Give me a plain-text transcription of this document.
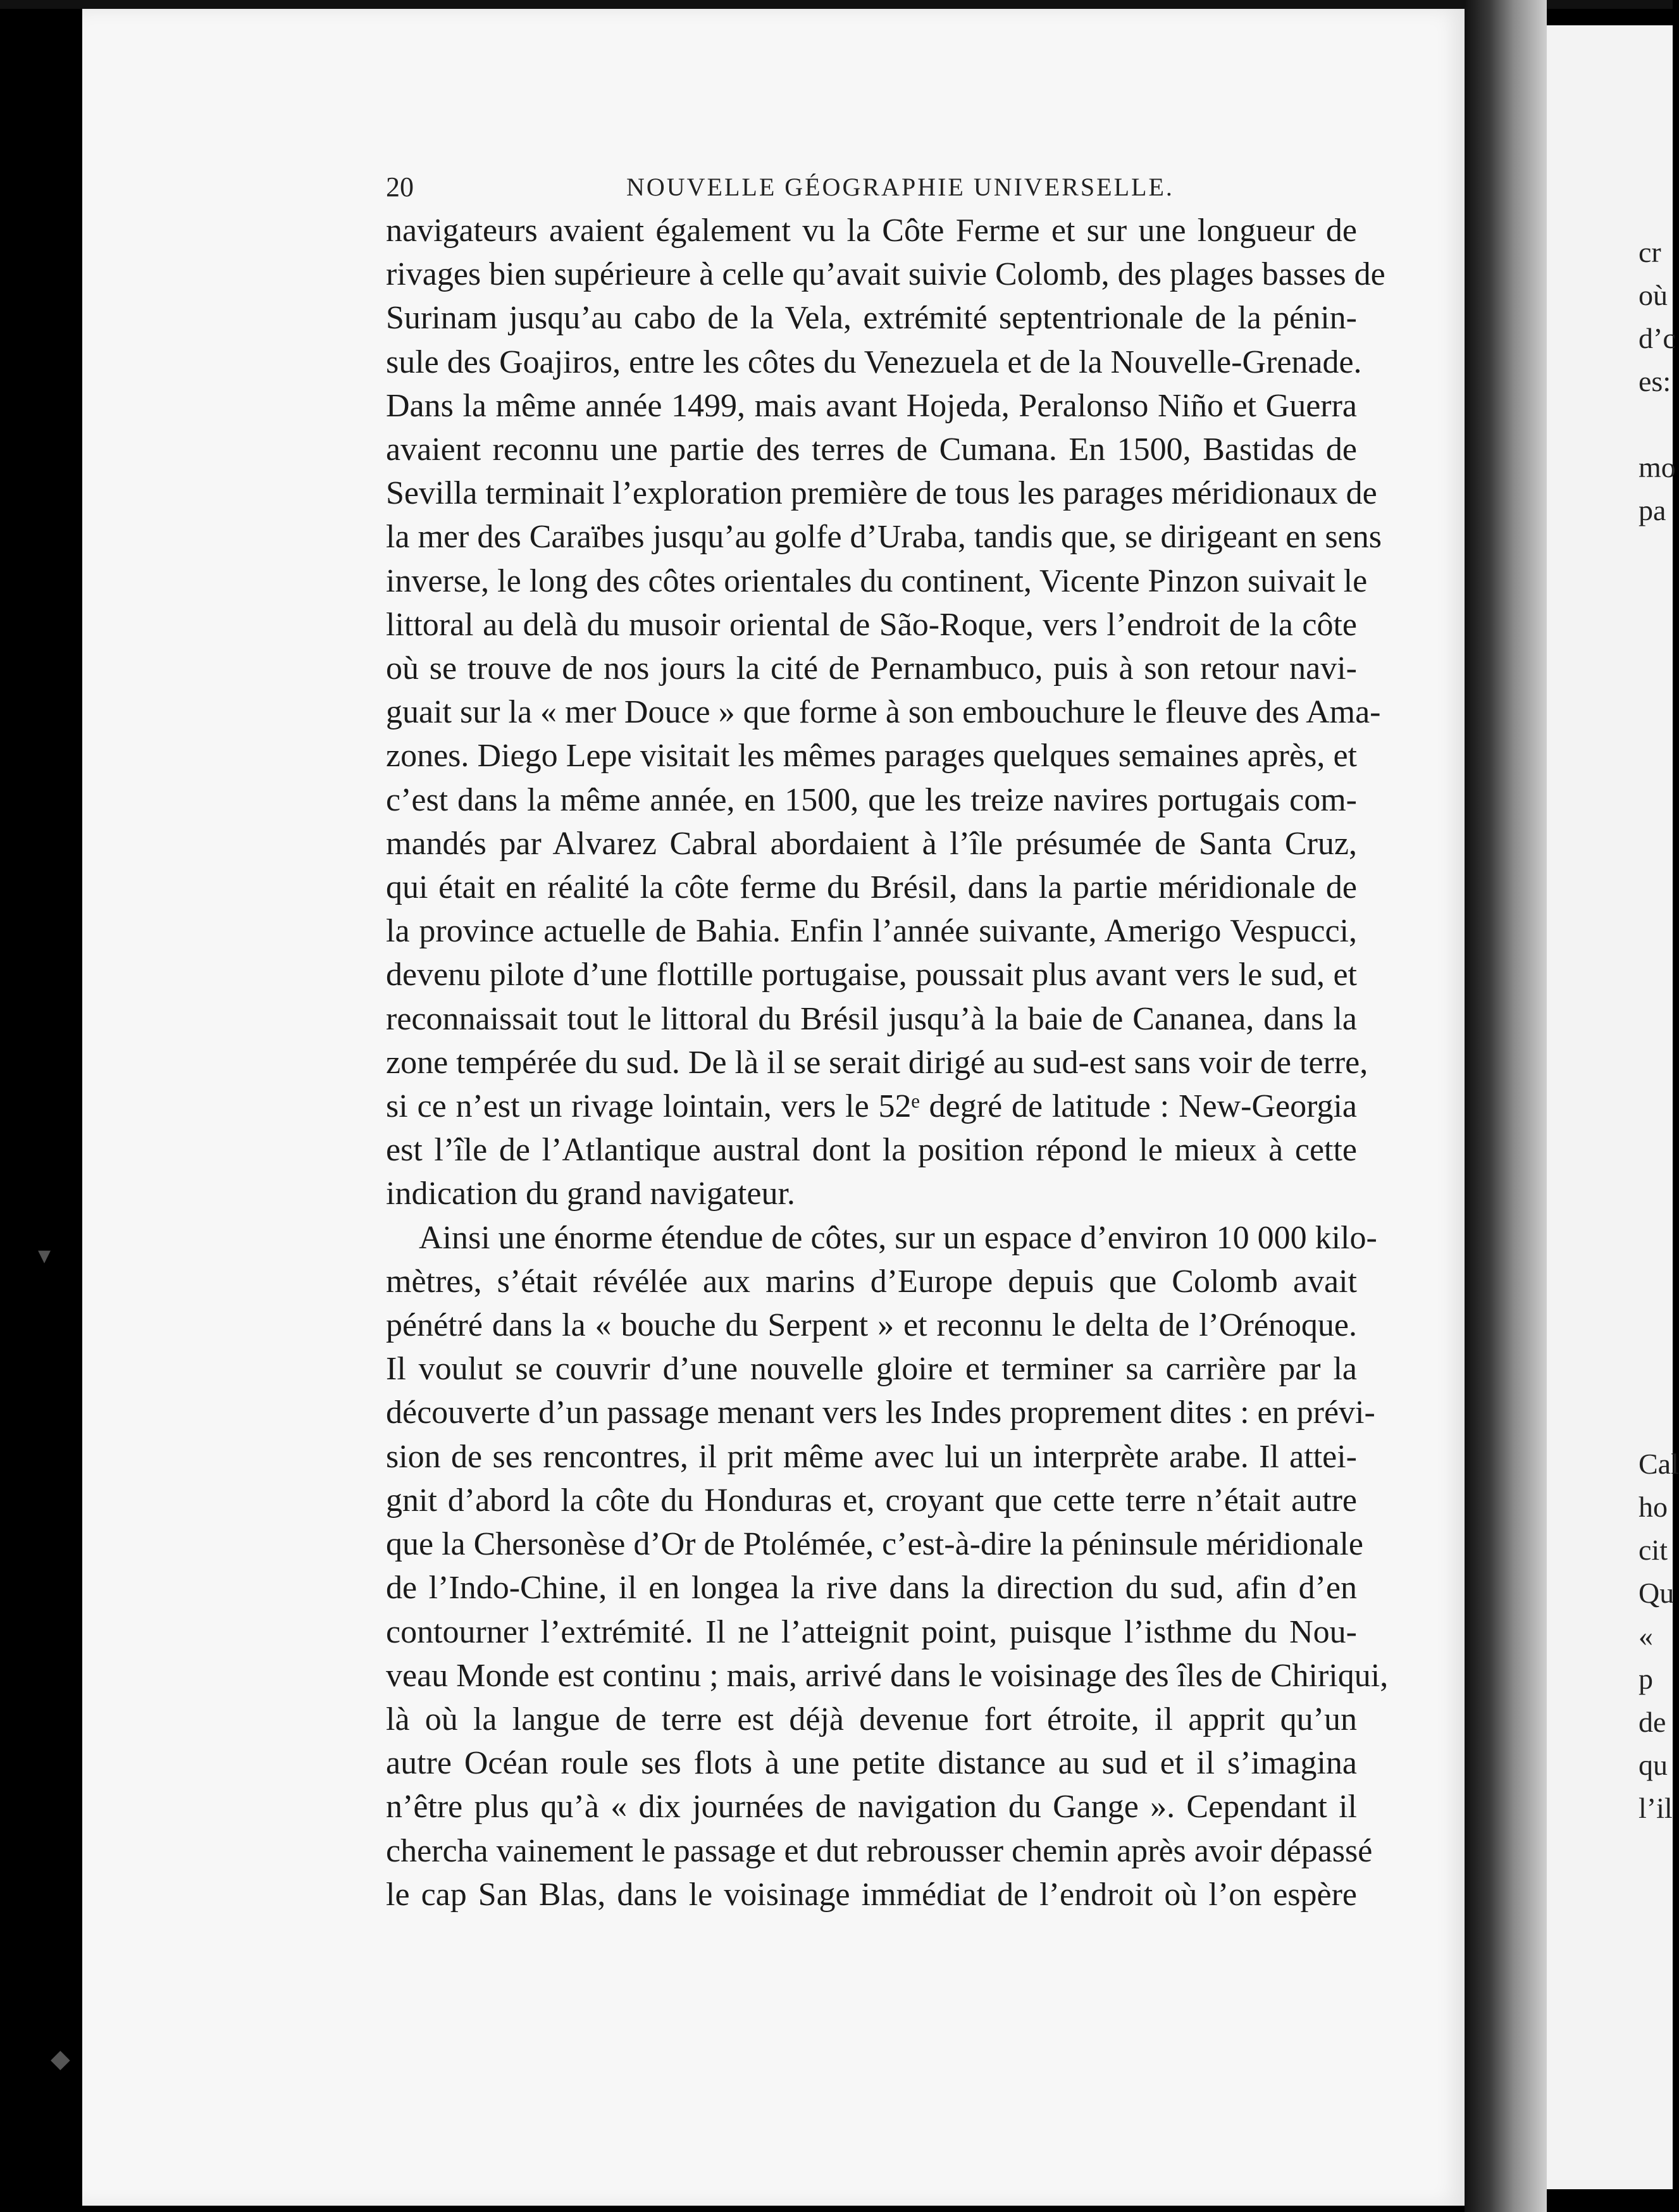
20	NOUVELLE GÉOGRAPHIE UNIVERSELLE.
navigateurs avaient également vu la Côte Ferme et sur une longueur de
rivages bien supérieure à celle qu’avait suivie Colomb, des plages basses de
Surinam jusqu’au cabo de la Vela, extrémité septentrionale de la pénin-
sule des Goajiros, entre les côtes du Venezuela et de la Nouvelle-Grenade.
Dans la même année 1499, mais avant Hojeda, Peralonso Niño et Guerra
avaient reconnu une partie des terres de Cumana. En 1500, Bastidas de
Sevilla terminait l’exploration première de tous les parages méridionaux de
la mer des Caraïbes jusqu’au golfe d’Uraba, tandis que, se dirigeant en sens
inverse, le long des côtes orientales du continent, Vicente Pinzon suivait le
littoral au delà du musoir oriental de São-Roque, vers l’endroit de la côte
où se trouve de nos jours la cité de Pernambuco, puis à son retour navi-
guait sur la « mer Douce » que forme à son embouchure le fleuve des Ama-
zones. Diego Lepe visitait les mêmes parages quelques semaines après, et
c’est dans la même année, en 1500, que les treize navires portugais com-
mandés par Alvarez Cabral abordaient à l’île présumée de Santa Cruz,
qui était en réalité la côte ferme du Brésil, dans la partie méridionale de
la province actuelle de Bahia. Enfin l’année suivante, Amerigo Vespucci,
devenu pilote d’une flottille portugaise, poussait plus avant vers le sud, et
reconnaissait tout le littoral du Brésil jusqu’à la baie de Cananea, dans la
zone tempérée du sud. De là il se serait dirigé au sud-est sans voir de terre,
si ce n’est un rivage lointain, vers le 52ᵉ degré de latitude : New-Georgia
est l’île de l’Atlantique austral dont la position répond le mieux à cette
indication du grand navigateur.
Ainsi une énorme étendue de côtes, sur un espace d’environ 10 000 kilo-
mètres, s’était révélée aux marins d’Europe depuis que Colomb avait
pénétré dans la « bouche du Serpent » et reconnu le delta de l’Orénoque.
Il voulut se couvrir d’une nouvelle gloire et terminer sa carrière par la
découverte d’un passage menant vers les Indes proprement dites : en prévi-
sion de ses rencontres, il prit même avec lui un interprète arabe. Il attei-
gnit d’abord la côte du Honduras et, croyant que cette terre n’était autre
que la Chersonèse d’Or de Ptolémée, c’est-à-dire la péninsule méridionale
de l’Indo-Chine, il en longea la rive dans la direction du sud, afin d’en
contourner l’extrémité. Il ne l’atteignit point, puisque l’isthme du Nou-
veau Monde est continu ; mais, arrivé dans le voisinage des îles de Chiriqui,
là où la langue de terre est déjà devenue fort étroite, il apprit qu’un
autre Océan roule ses flots à une petite distance au sud et il s’imagina
n’être plus qu’à « dix journées de navigation du Gange ». Cependant il
chercha vainement le passage et dut rebrousser chemin après avoir dépassé
le cap San Blas, dans le voisinage immédiat de l’endroit où l’on espère
cr
où
d’c
es:
mo
pa
Cal
ho
cit
Qu
« p
de
qu
l’il
▾
◆
